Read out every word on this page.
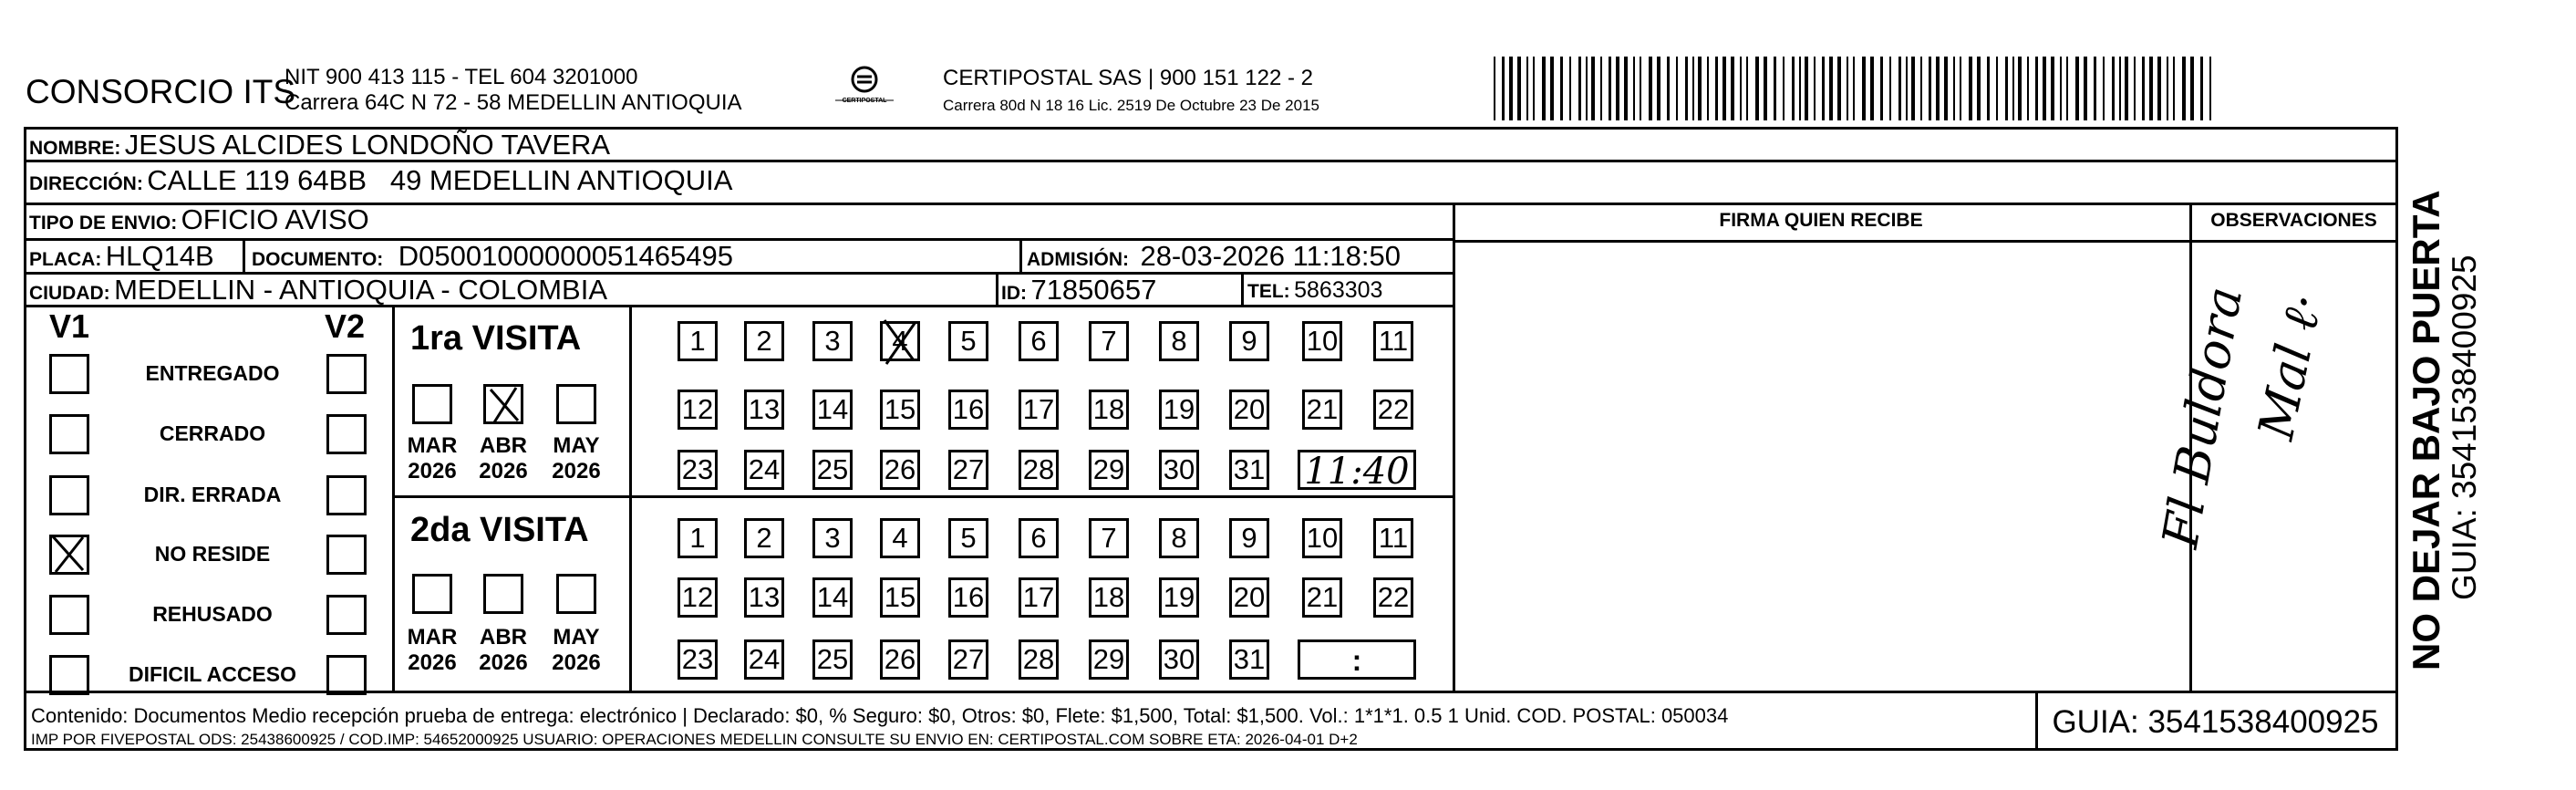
CONSORCIO ITS
NIT 900 413 115 - TEL 604 3201000
Carrera 64C N 72 - 58 MEDELLIN ANTIOQUIA	CERTIPOSTAL
CERTIPOSTAL SAS | 900 151 122 - 2
Carrera 80d N 18 16 Lic. 2519 De Octubre 23 De 2015
NOMBRE: JESUS ALCIDES LONDOÑO TAVERA
DIRECCIÓN: CALLE 119 64BB   49 MEDELLIN ANTIOQUIA
TIPO DE ENVIO: OFICIO AVISO
PLACA: HLQ14B DOCUMENTO: D05001000000051465495	ADMISIÓN: 28-03-2026 11:18:50
CIUDAD: MEDELLIN - ANTIOQUIA - COLOMBIA	ID: 71850657	TEL: 5863303
FIRMA QUIEN RECIBE	OBSERVACIONES
V1	V2
ENTREGADO
CERRADO
DIR. ERRADA
NO RESIDE
REHUSADO
DIFICIL ACCESO
1ra VISITA
2da VISITA
MAR
2026
ABR
2026
MAY
2026
MAR
2026
ABR
2026
MAY
2026
1	2	3	4	5	6	7	8	9	10 11
12 13 14 15 16 17 18 19 20 21 22
23 24 25 26 27 28 29 30 31
1	2	3	4	5	6	7	8	9	10 11
12 13 14 15 16 17 18 19 20 21 22
23 24 25 26 27 28 29 30 31
11:40
:
Fl Buldora
Mal ℓ·
Contenido: Documentos Medio recepción prueba de entrega: electrónico | Declarado: $0, % Seguro: $0, Otros: $0, Flete: $1,500, Total: $1,500. Vol.: 1*1*1. 0.5 1 Unid. COD. POSTAL: 050034
IMP POR FIVEPOSTAL ODS: 25438600925 / COD.IMP: 54652000925 USUARIO: OPERACIONES MEDELLIN CONSULTE SU ENVIO EN: CERTIPOSTAL.COM SOBRE ETA: 2026-04-01 D+2	GUIA: 3541538400925
NO DEJAR BAJO PUERTA
GUIA: 3541538400925
